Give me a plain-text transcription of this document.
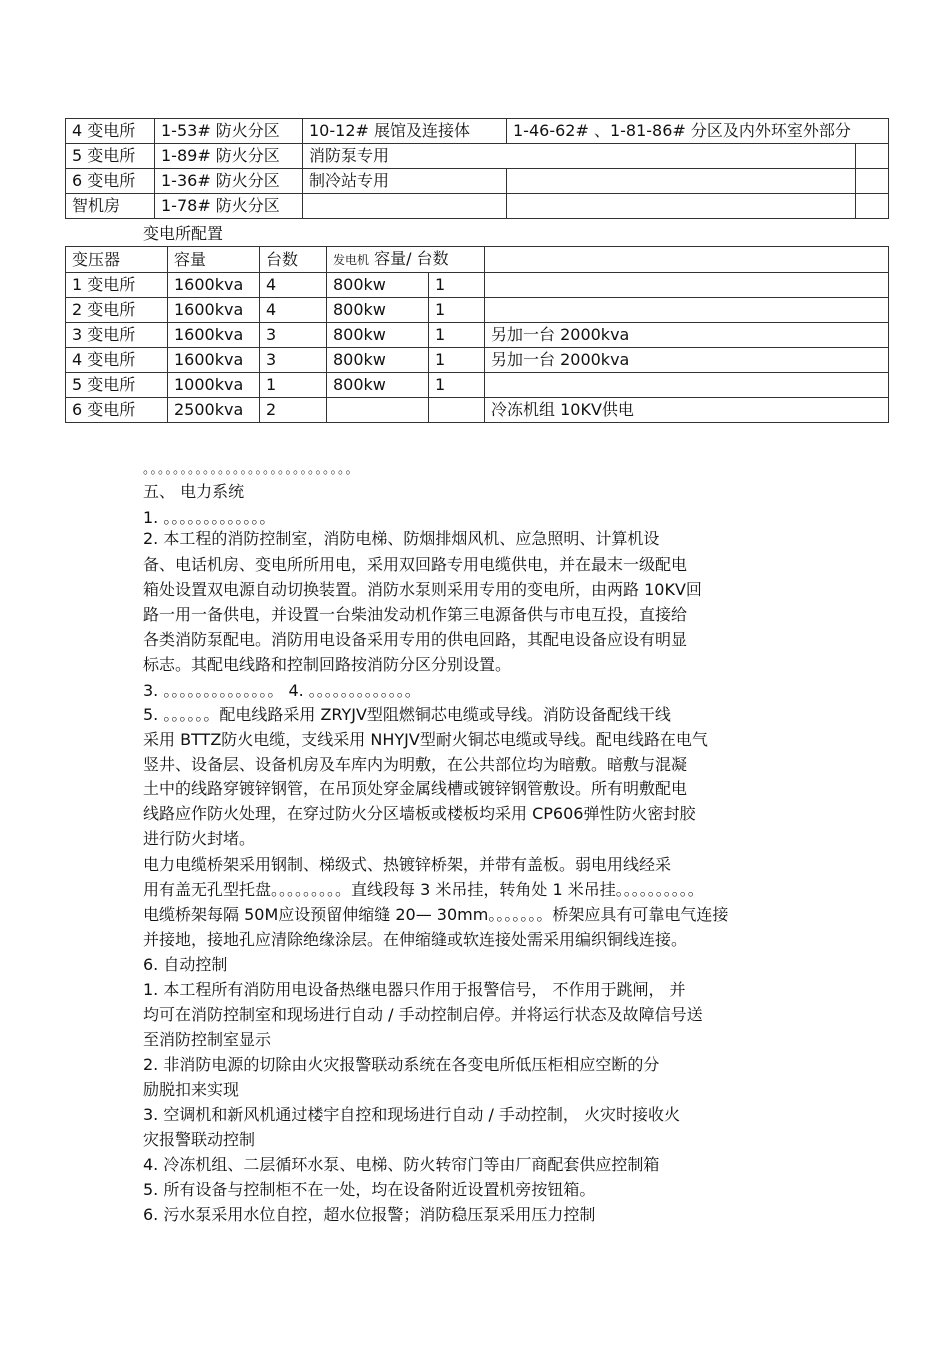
4 变电所	1-53# 防火分区	10-12# 展馆及连接体	1-46-62# 、1-81-86# 分区及内外环室外部分	
5 变电所	1-89# 防火分区	消防泵专用		
6 变电所	1-36# 防火分区	制冷站专用		
智机房	1-78# 防火分区			
变电所配置
变压器	容量	台数	发电机 容量/ 台数		
1 变电所	1600kva	4	800kw	1	
2 变电所	1600kva	4	800kw	1	
3 变电所	1600kva	3	800kw	1	另加一台 2000kva
4 变电所	1600kva	3	800kw	1	另加一台 2000kva
5 变电所	1000kva	1	800kw	1	
6 变电所	2500kva	2			冷冻机组 10KV供电
。。。。。。。。。。。。。。。。。。。。。。。。。。。。
五、 电力系统
1. 。。。。。。。。。。。。。
2. 本工程的消防控制室，消防电梯、防烟排烟风机、应急照明、计算机设
备、电话机房、变电所所用电，采用双回路专用电缆供电，并在最末一级配电
箱处设置双电源自动切换装置。消防水泵则采用专用的变电所，由两路 10KV回
路一用一备供电，并设置一台柴油发动机作第三电源备供与市电互投，直接给
各类消防泵配电。消防用电设备采用专用的供电回路，其配电设备应设有明显
标志。其配电线路和控制回路按消防分区分别设置。
3. 。。。。。。。。。。。。。。 4. 。。。。。。。。。。。。。
5. 。。。。。。配电线路采用 ZRYJV型阻燃铜芯电缆或导线。消防设备配线干线
采用 BTTZ防火电缆，支线采用 NHYJV型耐火铜芯电缆或导线。配电线路在电气
竖井、设备层、设备机房及车库内为明敷，在公共部位均为暗敷。暗敷与混凝
土中的线路穿镀锌钢管，在吊顶处穿金属线槽或镀锌钢管敷设。所有明敷配电
线路应作防火处理，在穿过防火分区墙板或楼板均采用 CP606弹性防火密封胶
进行防火封堵。
电力电缆桥架采用钢制、梯级式、热镀锌桥架，并带有盖板。弱电用线经采
用有盖无孔型托盘。。。。。。。。。直线段每 3 米吊挂，转角处 1 米吊挂。。。。。。。。。。
电缆桥架每隔 50M应设预留伸缩缝 20— 30mm。。。。。。。桥架应具有可靠电气连接
并接地，接地孔应清除绝缘涂层。在伸缩缝或软连接处需采用编织铜线连接。
6. 自动控制
1. 本工程所有消防用电设备热继电器只作用于报警信号， 不作用于跳闸， 并
均可在消防控制室和现场进行自动 / 手动控制启停。并将运行状态及故障信号送
至消防控制室显示
2. 非消防电源的切除由火灾报警联动系统在各变电所低压柜相应空断的分
励脱扣来实现
3. 空调机和新风机通过楼宇自控和现场进行自动 / 手动控制， 火灾时接收火
灾报警联动控制
4. 冷冻机组、二层循环水泵、电梯、防火转帘门等由厂商配套供应控制箱
5. 所有设备与控制柜不在一处，均在设备附近设置机旁按钮箱。
6. 污水泵采用水位自控，超水位报警；消防稳压泵采用压力控制
